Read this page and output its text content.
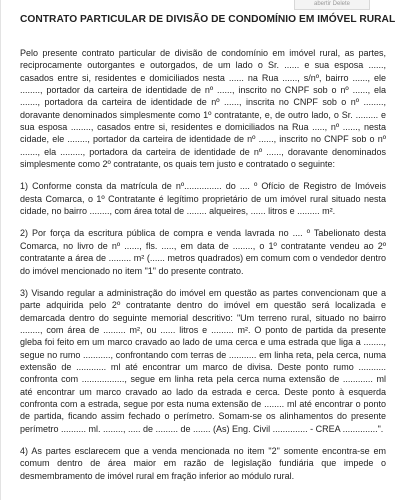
abertir Delete
CONTRATO PARTICULAR DE DIVISÃO DE CONDOMÍNIO EM IMÓVEL RURAL

Pelo presente contrato particular de divisão de condomínio em imóvel rural, as partes, reciprocamente outorgantes e outorgados, de um lado o Sr. ...... e sua esposa ......, casados entre si, residentes e domiciliados nesta ...... na Rua ......, s/nº, bairro ......, ele ........, portador da carteira de identidade de nº ......, inscrito no CNPF sob o nº ......, ela ......., portadora da carteira de identidade de nº ......, inscrita no CNPF sob o nº ........, doravante denominados simplesmente como 1º contratante, e, de outro lado, o Sr. ......... e sua esposa ........, casados entre si, residentes e domiciliados na Rua ....., nº ......, nesta cidade, ele ........, portador da carteira de identidade de nº ......, inscrito no CNPF sob o nº ......., ela ........., portadora da carteira de identidade de nº ......, doravante denominados simplesmente como 2º contratante, os quais tem justo e contratado o seguinte:

1) Conforme consta da matrícula de nº............... do .... º Ofício de Registro de Imóveis desta Comarca, o 1º Contratante é legítimo proprietário de um imóvel rural situado nesta cidade, no bairro ........, com área total de ........ alqueires, ...... litros e ......... m².

2) Por força da escritura pública de compra e venda lavrada no .... º Tabelionato desta Comarca, no livro de nº ......, fls. ....., em data de ........, o 1º contratante vendeu ao 2º contratante a área de ......... m² (...... metros quadrados) em comum com o vendedor dentro do imóvel mencionado no item "1" do presente contrato.

3) Visando regular a administração do imóvel em questão as partes convencionam que a parte adquirida pelo 2º contratante dentro do imóvel em questão será localizada e demarcada dentro do seguinte memorial descritivo: "Um terreno rural, situado no bairro ........, com área de ......... m², ou ...... litros e ......... m². O ponto de partida da presente gleba foi feito em um marco cravado ao lado de uma cerca e uma estrada que liga a ........, segue no rumo ..........., confrontando com terras de ........... em linha reta, pela cerca, numa extensão de ............ ml até encontrar um marco de divisa. Deste ponto rumo ........... confronta com ................., segue em linha reta pela cerca numa extensão de ............ ml até encontrar um marco cravado ao lado da estrada e cerca. Deste ponto à esquerda confronta com a estrada, segue por esta numa extensão de ........ ml até encontrar o ponto de partida, ficando assim fechado o perímetro. Somam-se os alinhamentos do presente perímetro .......... ml. ........, ..... de ......... de ....... (As) Eng. Civil .............. - CREA ..............".

4) As partes esclarecem que a venda mencionada no item "2" somente encontra-se em comum dentro de área maior em razão de legislação fundiária que impede o desmembramento de imóvel rural em fração inferior ao módulo rural.
